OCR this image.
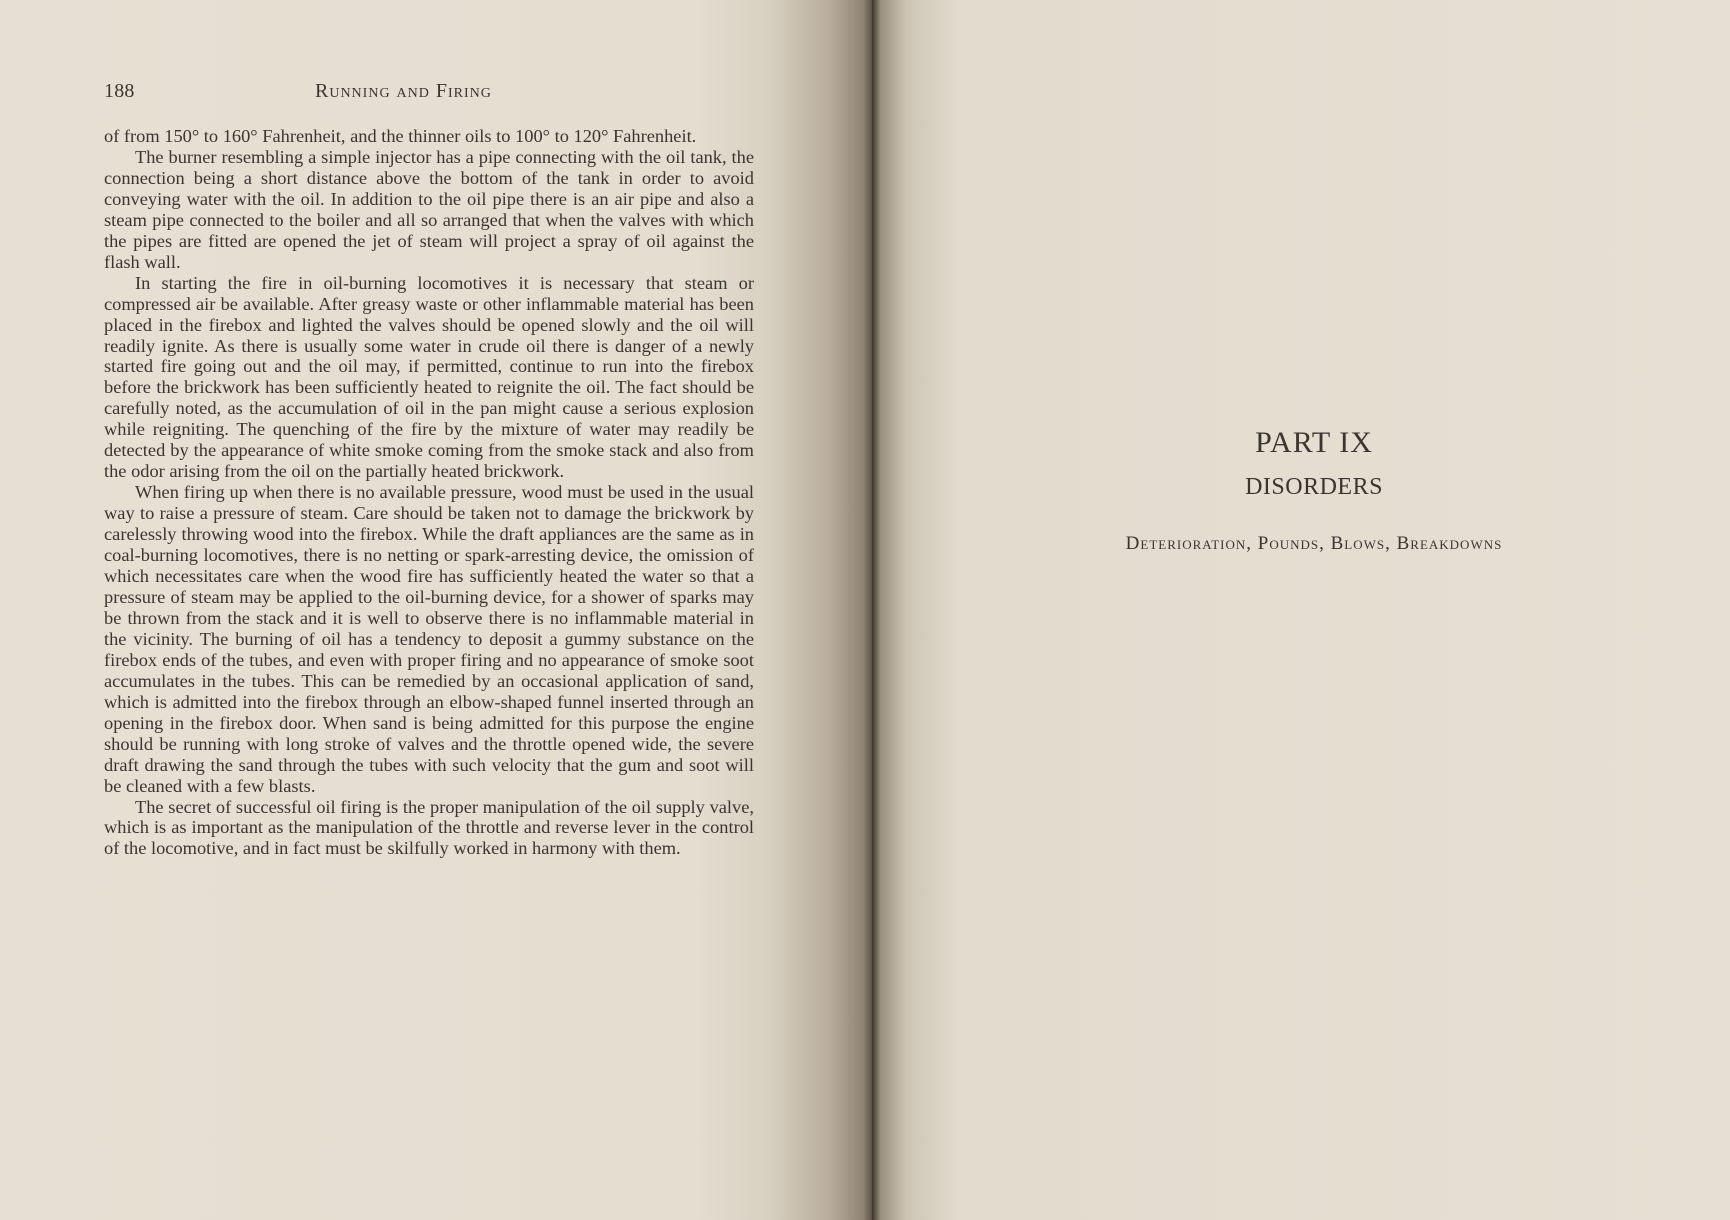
188	Running and Firing

of from 150° to 160° Fahrenheit, and the thinner oils to 100° to 120° Fahrenheit.

The burner resembling a simple injector has a pipe connecting with the oil tank, the connection being a short distance above the bottom of the tank in order to avoid conveying water with the oil. In addition to the oil pipe there is an air pipe and also a steam pipe connected to the boiler and all so arranged that when the valves with which the pipes are fitted are opened the jet of steam will project a spray of oil against the flash wall.

In starting the fire in oil-burning locomotives it is necessary that steam or compressed air be available. After greasy waste or other inflammable material has been placed in the firebox and lighted the valves should be opened slowly and the oil will readily ignite. As there is usually some water in crude oil there is danger of a newly started fire going out and the oil may, if permitted, continue to run into the firebox before the brickwork has been sufficiently heated to reignite the oil. The fact should be carefully noted, as the accumulation of oil in the pan might cause a serious explosion while reigniting. The quenching of the fire by the mixture of water may readily be detected by the appearance of white smoke coming from the smoke stack and also from the odor arising from the oil on the partially heated brickwork.

When firing up when there is no available pressure, wood must be used in the usual way to raise a pressure of steam. Care should be taken not to damage the brickwork by carelessly throwing wood into the firebox. While the draft appliances are the same as in coal-burning locomotives, there is no netting or spark-arresting device, the omission of which necessitates care when the wood fire has sufficiently heated the water so that a pressure of steam may be applied to the oil-burning device, for a shower of sparks may be thrown from the stack and it is well to observe there is no inflammable material in the vicinity. The burning of oil has a tendency to deposit a gummy substance on the firebox ends of the tubes, and even with proper firing and no appearance of smoke soot accumulates in the tubes. This can be remedied by an occasional application of sand, which is admitted into the firebox through an elbow-shaped funnel inserted through an opening in the firebox door. When sand is being admitted for this purpose the engine should be running with long stroke of valves and the throttle opened wide, the severe draft drawing the sand through the tubes with such velocity that the gum and soot will be cleaned with a few blasts.

The secret of successful oil firing is the proper manipulation of the oil supply valve, which is as important as the manipulation of the throttle and reverse lever in the control of the locomotive, and in fact must be skilfully worked in harmony with them.

PART IX
DISORDERS
Deterioration, Pounds, Blows, Breakdowns
